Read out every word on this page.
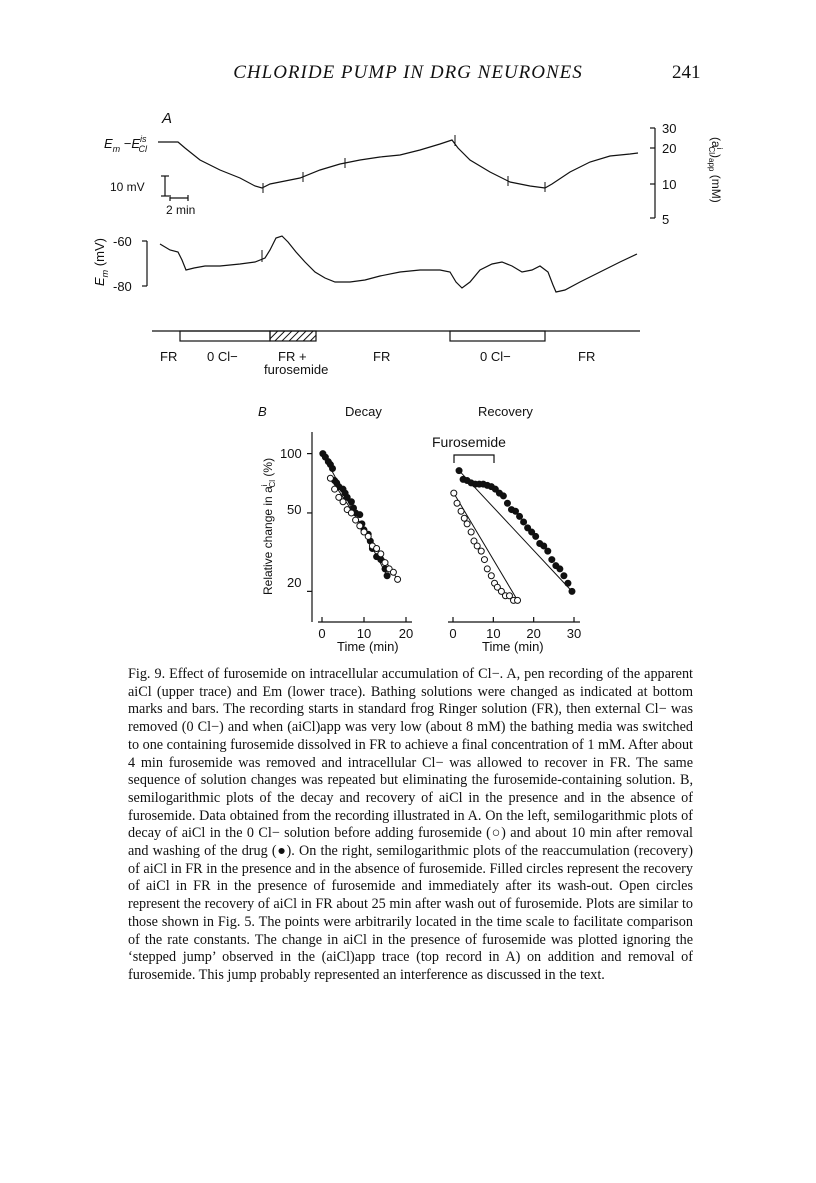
CHLORIDE PUMP IN DRG NEURONES	241
A
$E_m -E^{is}$ Cl
10 mV
2 min
30
20
10
5
$(a^iCl)_{app}$ (mM)
$E_m$ (mV) -60
-80
FR 0 Cl−	FR +
furosemide
FR	0 Cl−	FR
B	Decay	Recovery
Furosemide
Relative change in $a^iCl$ (%)
100
50
20
0 10 20	0 10 20 30
Time (min)	Time (min)

Fig. 9. Effect of furosemide on intracellular accumulation of Cl−. A, pen recording of the apparent aiCl (upper trace) and Em (lower trace). Bathing solutions were changed as indicated at bottom marks and bars. The recording starts in standard frog Ringer solution (FR), then external Cl− was removed (0 Cl−) and when (aiCl)app was very low (about 8 mM) the bathing media was switched to one containing furosemide dissolved in FR to achieve a final concentration of 1 mM. After about 4 min furosemide was removed and intracellular Cl− was allowed to recover in FR. The same sequence of solution changes was repeated but eliminating the furosemide-containing solution. B, semilogarithmic plots of the decay and recovery of aiCl in the presence and in the absence of furosemide. Data obtained from the recording illustrated in A. On the left, semilogarithmic plots of decay of aiCl in the 0 Cl− solution before adding furosemide (○) and about 10 min after removal and washing of the drug (●). On the right, semilogarithmic plots of the reaccumulation (recovery) of aiCl in FR in the presence and in the absence of furosemide. Filled circles represent the recovery of aiCl in FR in the presence of furosemide and immediately after its wash-out. Open circles represent the recovery of aiCl in FR about 25 min after wash out of furosemide. Plots are similar to those shown in Fig. 5. The points were arbitrarily located in the time scale to facilitate comparison of the rate constants. The change in aiCl in the presence of furosemide was plotted ignoring the ‘stepped jump’ observed in the (aiCl)app trace (top record in A) on addition and removal of furosemide. This jump probably represented an interference as discussed in the text.
